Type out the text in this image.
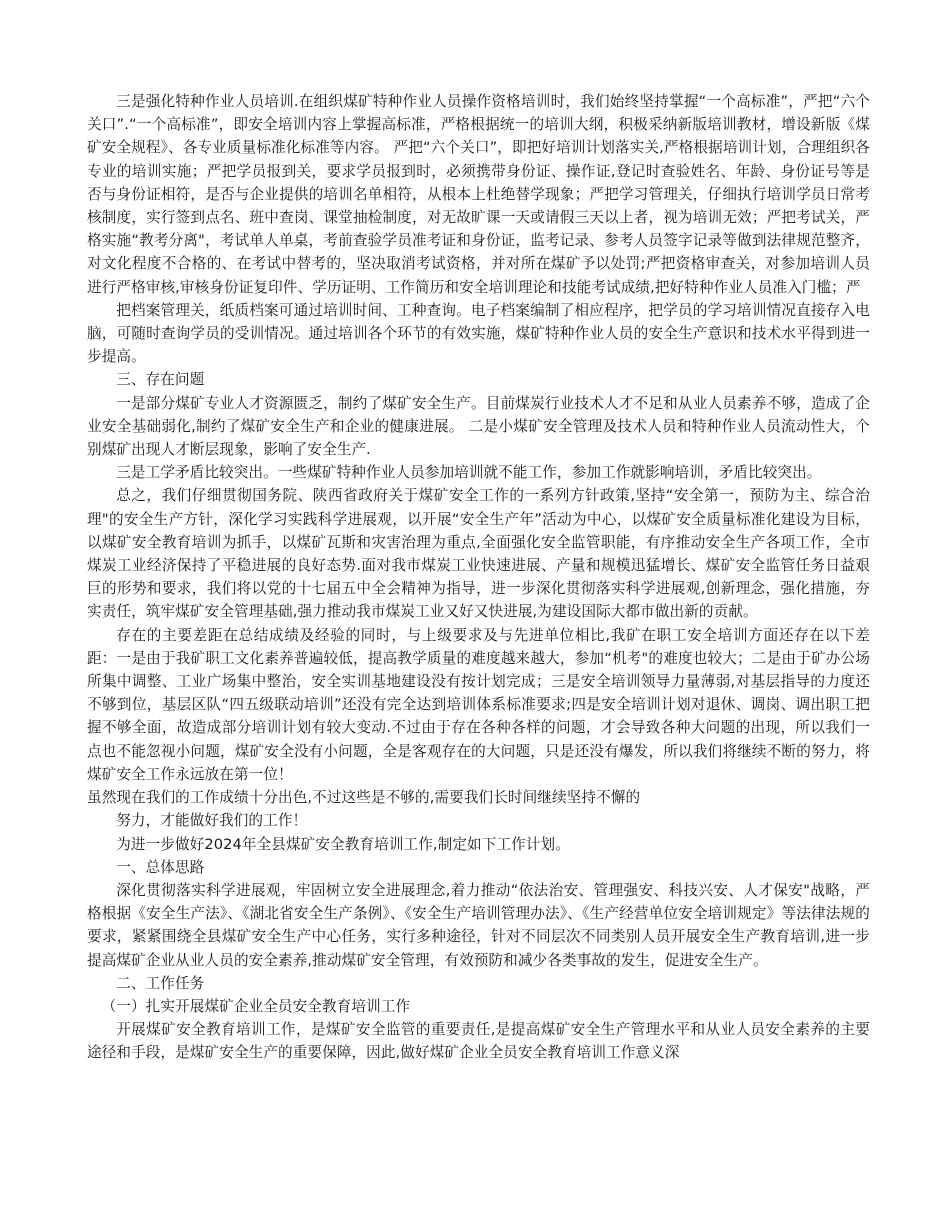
三是强化特种作业人员培训.在组织煤矿特种作业人员操作资格培训时，我们始终坚持掌握“一个高标准”，严把“六个关口”.“一个高标准”，即安全培训内容上掌握高标准，严格根据统一的培训大纲，积极采纳新版培训教材，增设新版《煤矿安全规程》、各专业质量标准化标准等内容。 严把“六个关口”，即把好培训计划落实关,严格根据培训计划，合理组织各专业的培训实施；严把学员报到关，要求学员报到时，必须携带身份证、操作证,登记时查验姓名、年龄、身份证号等是否与身份证相符，是否与企业提供的培训名单相符，从根本上杜绝替学现象；严把学习管理关，仔细执行培训学员日常考核制度，实行签到点名、班中查岗、课堂抽检制度，对无故旷课一天或请假三天以上者，视为培训无效；严把考试关，严格实施“教考分离"，考试单人单桌，考前查验学员准考证和身份证，监考记录、参考人员签字记录等做到法律规范整齐，对文化程度不合格的、在考试中替考的，坚决取消考试资格，并对所在煤矿予以处罚;严把资格审查关，对参加培训人员进行严格审核,审核身份证复印件、学历证明、工作简历和安全培训理论和技能考试成绩,把好特种作业人员准入门槛；严

把档案管理关，纸质档案可通过培训时间、工种查询。电子档案编制了相应程序，把学员的学习培训情况直接存入电脑，可随时查询学员的受训情况。通过培训各个环节的有效实施，煤矿特种作业人员的安全生产意识和技术水平得到进一步提高。

三、存在问题

一是部分煤矿专业人才资源匮乏，制约了煤矿安全生产。目前煤炭行业技术人才不足和从业人员素养不够，造成了企业安全基础弱化,制约了煤矿安全生产和企业的健康进展。 二是小煤矿安全管理及技术人员和特种作业人员流动性大，个别煤矿出现人才断层现象，影响了安全生产.

三是工学矛盾比较突出。一些煤矿特种作业人员参加培训就不能工作，参加工作就影响培训，矛盾比较突出。

总之，我们仔细贯彻国务院、陕西省政府关于煤矿安全工作的一系列方针政策,坚持“安全第一，预防为主、综合治理"的安全生产方针，深化学习实践科学进展观，以开展“安全生产年”活动为中心，以煤矿安全质量标准化建设为目标，以煤矿安全教育培训为抓手，以煤矿瓦斯和灾害治理为重点,全面强化安全监管职能，有序推动安全生产各项工作，全市煤炭工业经济保持了平稳进展的良好态势.面对我市煤炭工业快速进展、产量和规模迅猛增长、煤矿安全监管任务日益艰巨的形势和要求，我们将以党的十七届五中全会精神为指导，进一步深化贯彻落实科学进展观,创新理念，强化措施，夯实责任，筑牢煤矿安全管理基础,强力推动我市煤炭工业又好又快进展,为建设国际大都市做出新的贡献。

存在的主要差距在总结成绩及经验的同时，与上级要求及与先进单位相比,我矿在职工安全培训方面还存在以下差距：一是由于我矿职工文化素养普遍较低，提高教学质量的难度越来越大，参加“机考"的难度也较大；二是由于矿办公场所集中调整、工业广场集中整治，安全实训基地建设没有按计划完成；三是安全培训领导力量薄弱,对基层指导的力度还不够到位，基层区队“四五级联动培训”还没有完全达到培训体系标准要求;四是安全培训计划对退休、调岗、调出职工把握不够全面，故造成部分培训计划有较大变动.不过由于存在各种各样的问题，才会导致各种大问题的出现，所以我们一点也不能忽视小问题，煤矿安全没有小问题，全是客观存在的大问题，只是还没有爆发，所以我们将继续不断的努力，将煤矿安全工作永远放在第一位！

虽然现在我们的工作成绩十分出色,不过这些是不够的,需要我们长时间继续坚持不懈的

努力，才能做好我们的工作！

为进一步做好2024年全县煤矿安全教育培训工作,制定如下工作计划。

一、总体思路

深化贯彻落实科学进展观，牢固树立安全进展理念,着力推动“依法治安、管理强安、科技兴安、人才保安"战略，严格根据《安全生产法》、《湖北省安全生产条例》、《安全生产培训管理办法》、《生产经营单位安全培训规定》等法律法规的要求，紧紧围绕全县煤矿安全生产中心任务，实行多种途径，针对不同层次不同类别人员开展安全生产教育培训,进一步提高煤矿企业从业人员的安全素养,推动煤矿安全管理，有效预防和减少各类事故的发生，促进安全生产。

二、工作任务

（一）扎实开展煤矿企业全员安全教育培训工作

开展煤矿安全教育培训工作，是煤矿安全监管的重要责任,是提高煤矿安全生产管理水平和从业人员安全素养的主要途径和手段，是煤矿安全生产的重要保障，因此,做好煤矿企业全员安全教育培训工作意义深
